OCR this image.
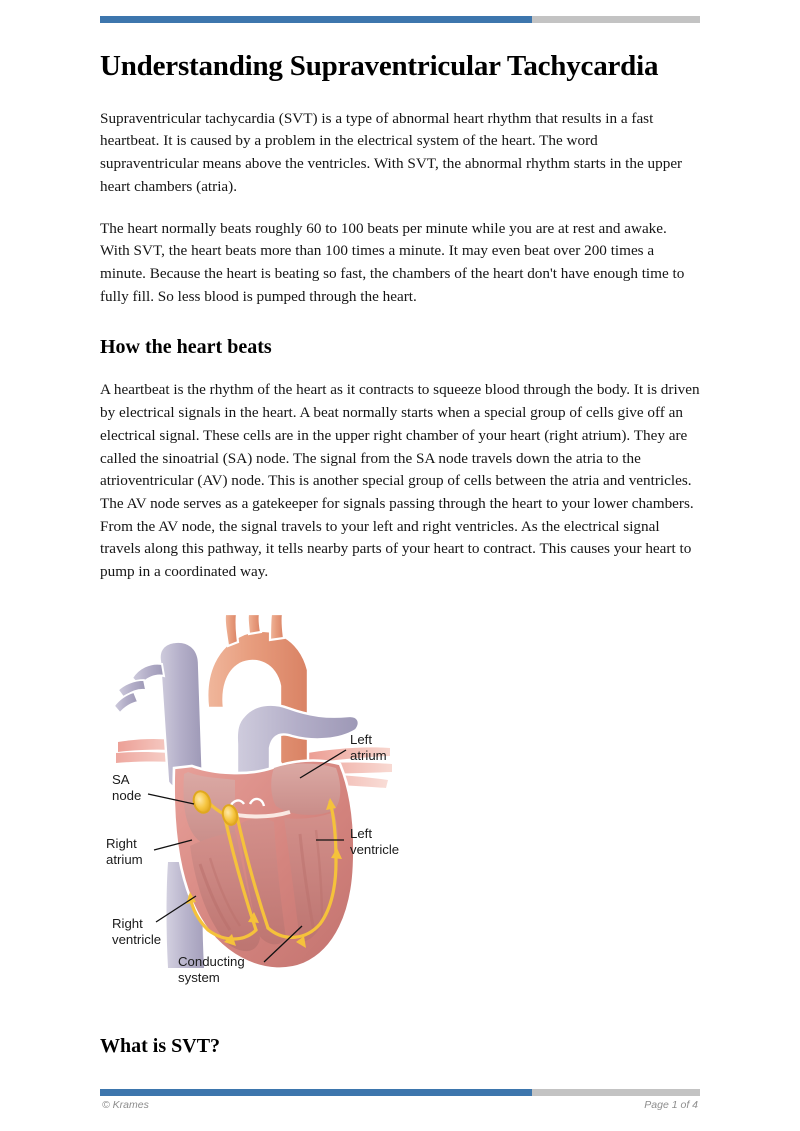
Understanding Supraventricular Tachycardia

Supraventricular tachycardia (SVT) is a type of abnormal heart rhythm that results in a fast heartbeat. It is caused by a problem in the electrical system of the heart. The word supraventricular means above the ventricles. With SVT, the abnormal rhythm starts in the upper heart chambers (atria).

The heart normally beats roughly 60 to 100 beats per minute while you are at rest and awake. With SVT, the heart beats more than 100 times a minute. It may even beat over 200 times a minute. Because the heart is beating so fast, the chambers of the heart don't have enough time to fully fill. So less blood is pumped through the heart.

How the heart beats

A heartbeat is the rhythm of the heart as it contracts to squeeze blood through the body. It is driven by electrical signals in the heart. A beat normally starts when a special group of cells give off an electrical signal. These cells are in the upper right chamber of your heart (right atrium). They are called the sinoatrial (SA) node. The signal from the SA node travels down the atria to the atrioventricular (AV) node. This is another special group of cells between the atria and ventricles. The AV node serves as a gatekeeper for signals passing through the heart to your lower chambers. From the AV node, the signal travels to your left and right ventricles. As the electrical signal travels along this pathway, it tells nearby parts of your heart to contract. This causes your heart to pump in a coordinated way.

SA
node
Right
atrium
Right
ventricle
Conducting
system
Left
atrium
Left
ventricle
What is SVT?
© Krames	Page 1 of 4
